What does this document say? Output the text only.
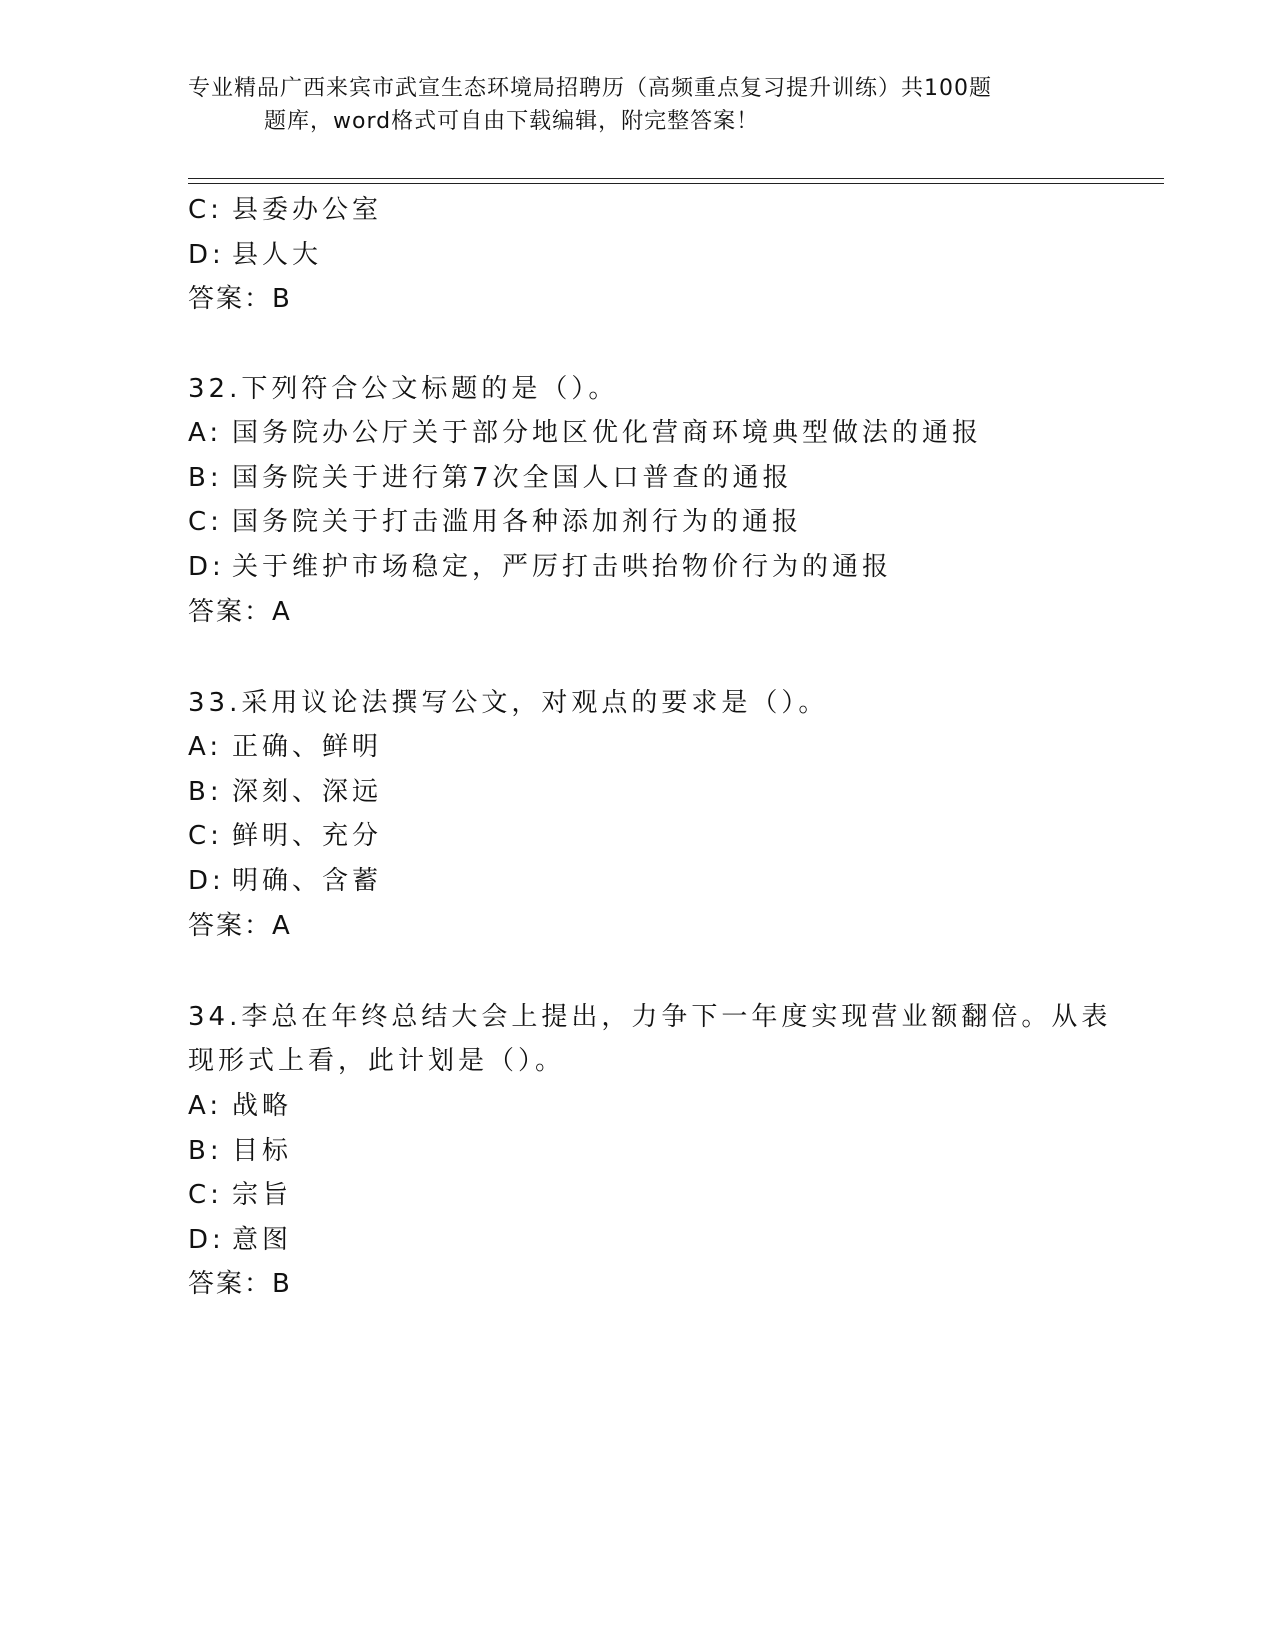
专业精品广西来宾市武宣生态环境局招聘历（高频重点复习提升训练）共100题
题库，word格式可自由下载编辑，附完整答案！
C: 县委办公室
D: 县人大
答案：B
32.下列符合公文标题的是（）。
A: 国务院办公厅关于部分地区优化营商环境典型做法的通报
B: 国务院关于进行第7次全国人口普查的通报
C: 国务院关于打击滥用各种添加剂行为的通报
D: 关于维护市场稳定，严厉打击哄抬物价行为的通报
答案：A
33.采用议论法撰写公文，对观点的要求是（）。
A: 正确、鲜明
B: 深刻、深远
C: 鲜明、充分
D: 明确、含蓄
答案：A
34.李总在年终总结大会上提出，力争下一年度实现营业额翻倍。从表
现形式上看，此计划是（）。
A: 战略
B: 目标
C: 宗旨
D: 意图
答案：B
